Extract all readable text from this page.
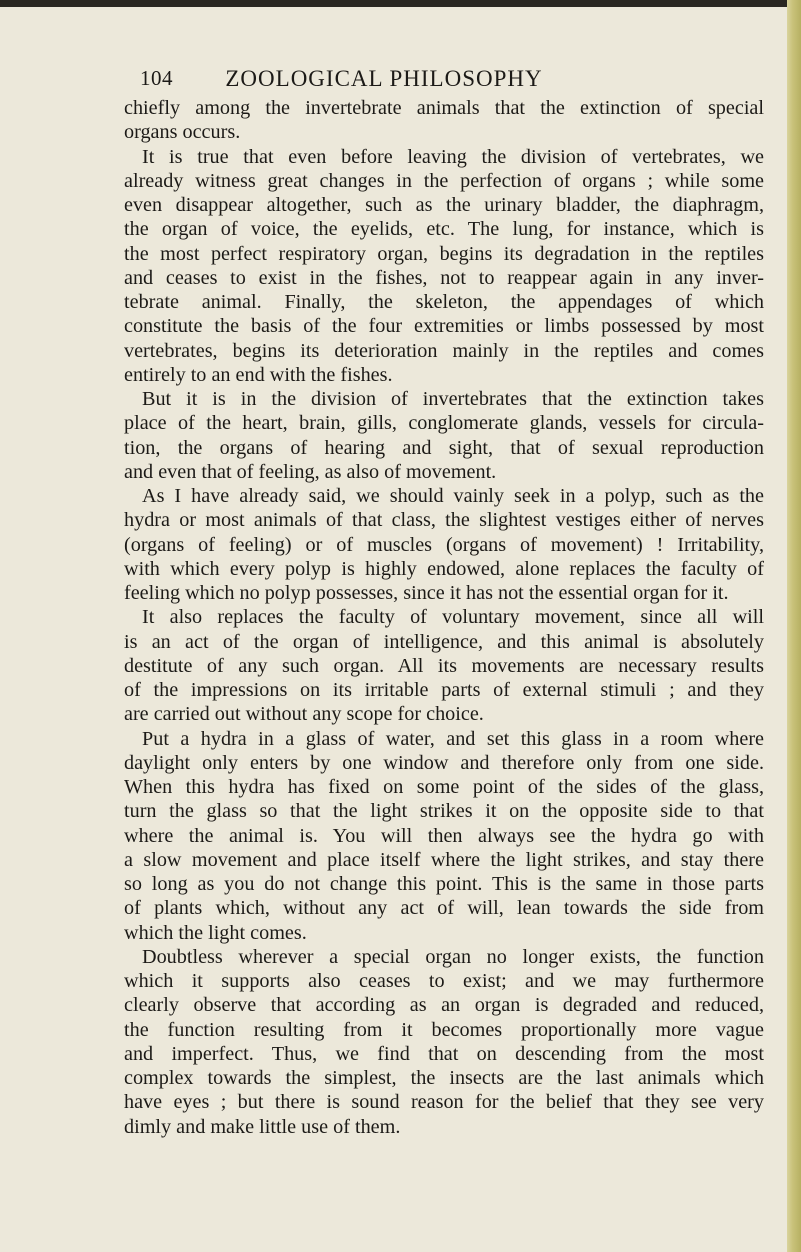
104	ZOOLOGICAL PHILOSOPHY
chiefly among the invertebrate animals that the extinction of special
organs occurs.
It is true that even before leaving the division of vertebrates, we
already witness great changes in the perfection of organs ; while some
even disappear altogether, such as the urinary bladder, the diaphragm,
the organ of voice, the eyelids, etc. The lung, for instance, which is
the most perfect respiratory organ, begins its degradation in the reptiles
and ceases to exist in the fishes, not to reappear again in any inver-
tebrate animal. Finally, the skeleton, the appendages of which
constitute the basis of the four extremities or limbs possessed by most
vertebrates, begins its deterioration mainly in the reptiles and comes
entirely to an end with the fishes.
But it is in the division of invertebrates that the extinction takes
place of the heart, brain, gills, conglomerate glands, vessels for circula-
tion, the organs of hearing and sight, that of sexual reproduction
and even that of feeling, as also of movement.
As I have already said, we should vainly seek in a polyp, such as the
hydra or most animals of that class, the slightest vestiges either of nerves
(organs of feeling) or of muscles (organs of movement) ! Irritability,
with which every polyp is highly endowed, alone replaces the faculty of
feeling which no polyp possesses, since it has not the essential organ for it.
It also replaces the faculty of voluntary movement, since all will
is an act of the organ of intelligence, and this animal is absolutely
destitute of any such organ. All its movements are necessary results
of the impressions on its irritable parts of external stimuli ; and they
are carried out without any scope for choice.
Put a hydra in a glass of water, and set this glass in a room where
daylight only enters by one window and therefore only from one side.
When this hydra has fixed on some point of the sides of the glass,
turn the glass so that the light strikes it on the opposite side to that
where the animal is. You will then always see the hydra go with
a slow movement and place itself where the light strikes, and stay there
so long as you do not change this point. This is the same in those parts
of plants which, without any act of will, lean towards the side from
which the light comes.
Doubtless wherever a special organ no longer exists, the function
which it supports also ceases to exist; and we may furthermore
clearly observe that according as an organ is degraded and reduced,
the function resulting from it becomes proportionally more vague
and imperfect. Thus, we find that on descending from the most
complex towards the simplest, the insects are the last animals which
have eyes ; but there is sound reason for the belief that they see very
dimly and make little use of them.
